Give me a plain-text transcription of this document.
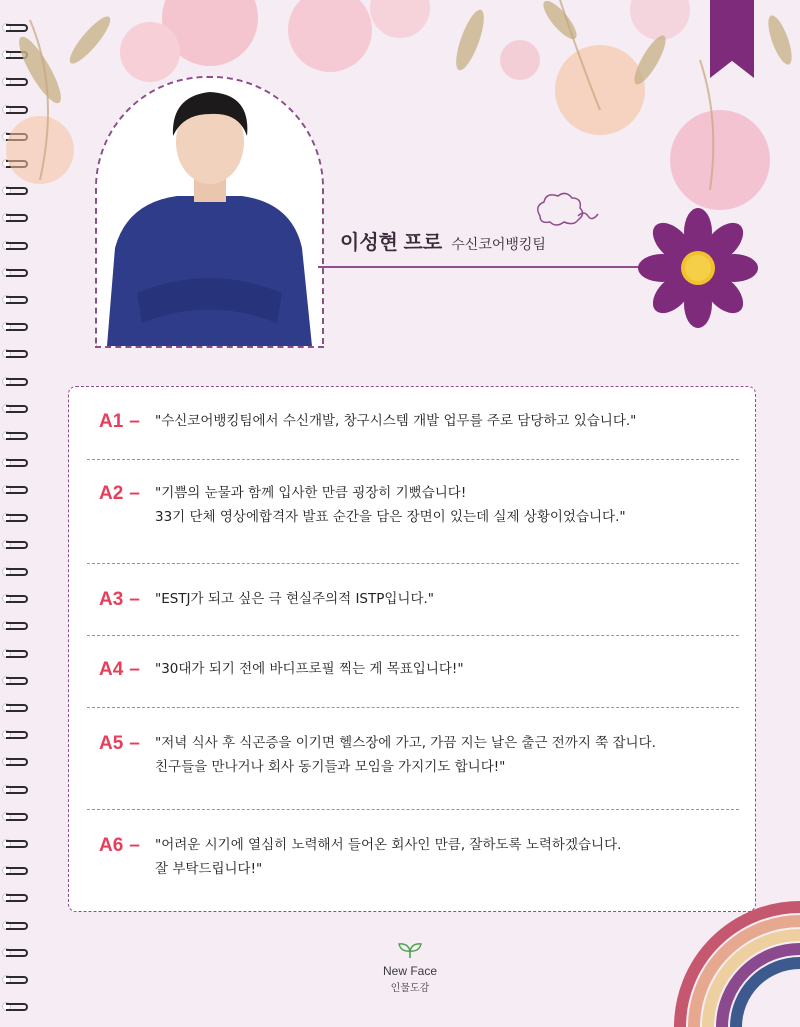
이성현 프로 수신코어뱅킹팀
A1 – "수신코어뱅킹팀에서 수신개발, 창구시스템 개발 업무를 주로 담당하고 있습니다."
A2 – "기쁨의 눈물과 함께 입사한 만큼 굉장히 기뻤습니다!
33기 단체 영상에합격자 발표 순간을 담은 장면이 있는데 실제 상황이었습니다."
A3 – "ESTJ가 되고 싶은 극 현실주의적 ISTP입니다."
A4 – "30대가 되기 전에 바디프로필 찍는 게 목표입니다!"
A5 – "저녁 식사 후 식곤증을 이기면 헬스장에 가고, 가끔 지는 날은 출근 전까지 쭉 잡니다.
친구들을 만나거나 회사 동기들과 모임을 가지기도 합니다!"
A6 – "어려운 시기에 열심히 노력해서 들어온 회사인 만큼, 잘하도록 노력하겠습니다.
잘 부탁드립니다!"
New Face
인물도감
